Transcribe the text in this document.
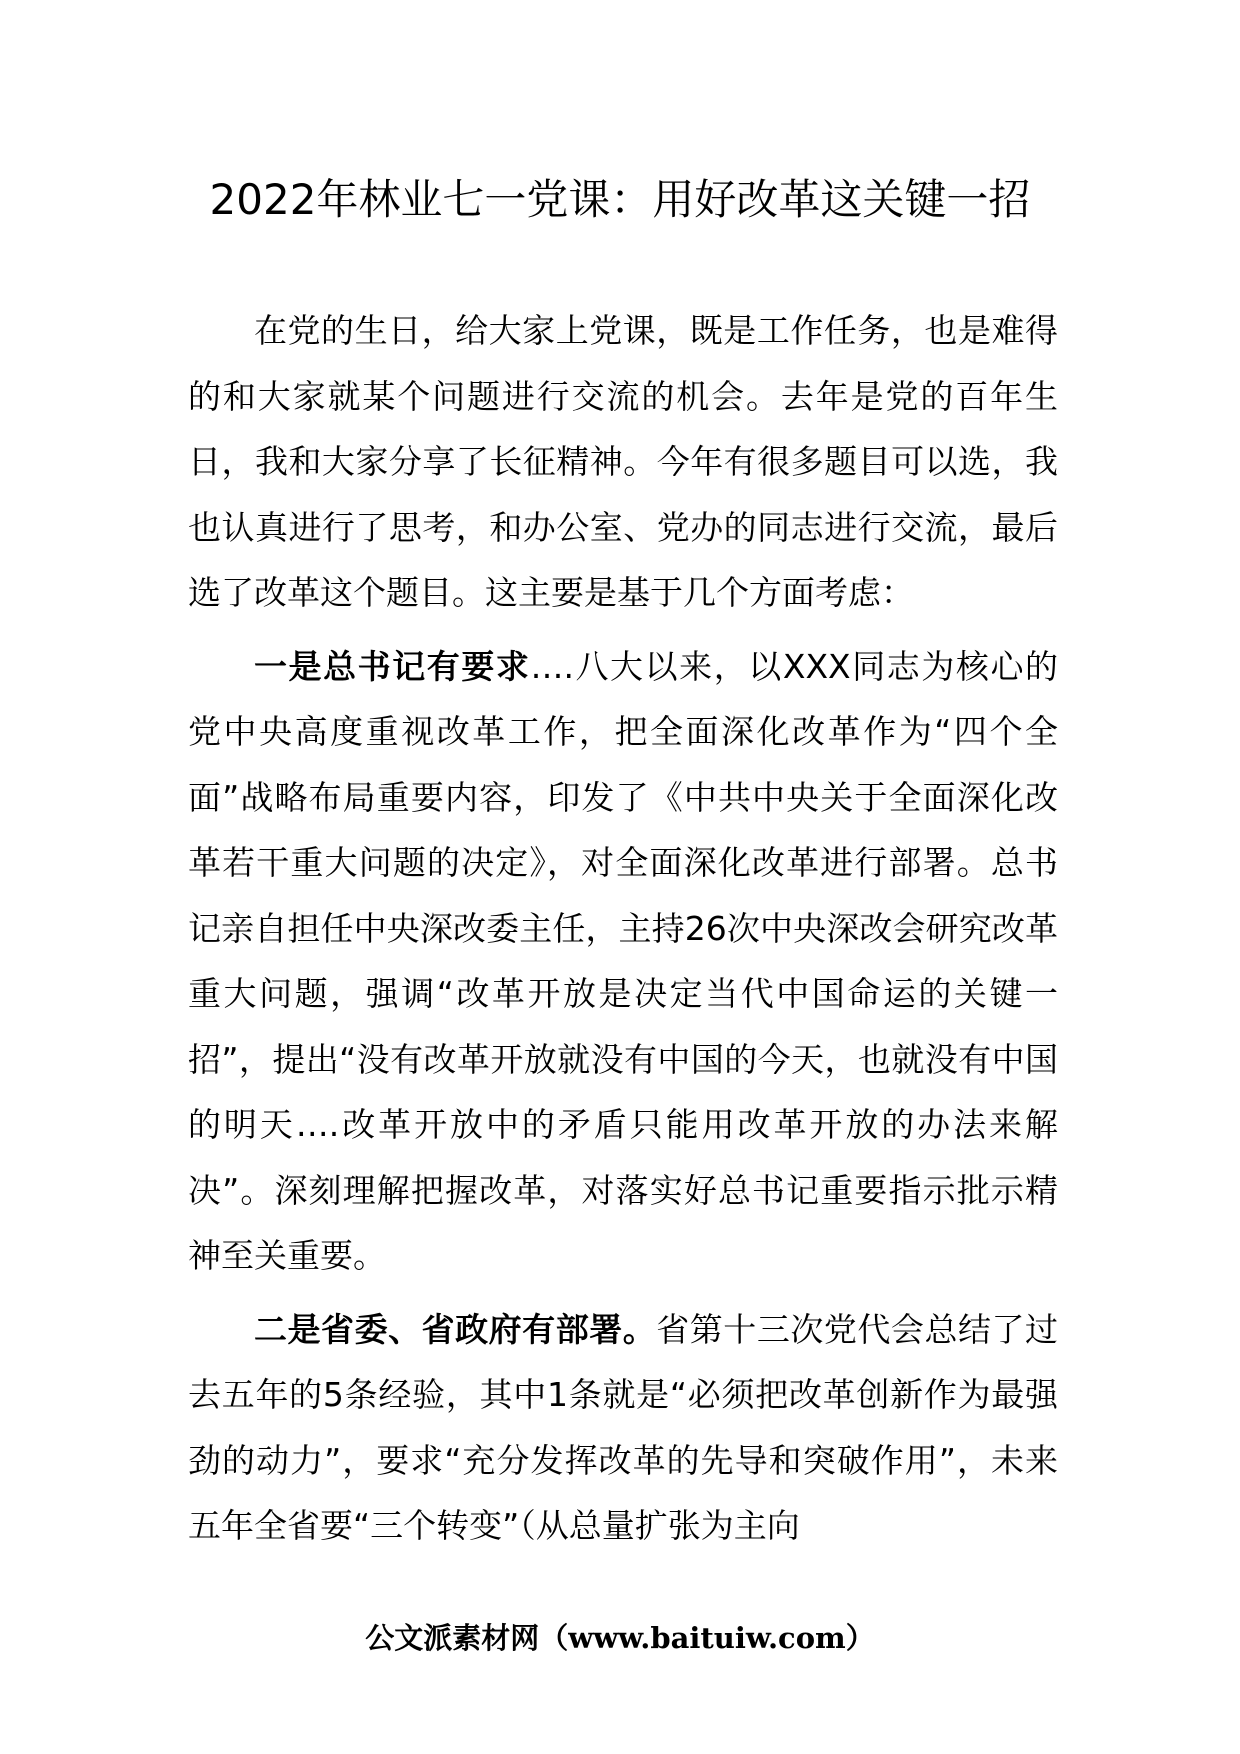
2022年林业七一党课：用好改革这关键一招

在党的生日，给大家上党课，既是工作任务，也是难得的和大家就某个问题进行交流的机会。去年是党的百年生日，我和大家分享了长征精神。今年有很多题目可以选，我也认真进行了思考，和办公室、党办的同志进行交流，最后选了改革这个题目。这主要是基于几个方面考虑：

一是总书记有要求….八大以来，以XXX同志为核心的党中央高度重视改革工作，把全面深化改革作为“四个全面”战略布局重要内容，印发了《中共中央关于全面深化改革若干重大问题的决定》，对全面深化改革进行部署。总书记亲自担任中央深改委主任，主持26次中央深改会研究改革重大问题，强调“改革开放是决定当代中国命运的关键一招”，提出“没有改革开放就没有中国的今天，也就没有中国的明天….改革开放中的矛盾只能用改革开放的办法来解决”。深刻理解把握改革，对落实好总书记重要指示批示精神至关重要。

二是省委、省政府有部署。省第十三次党代会总结了过去五年的5条经验，其中1条就是“必须把改革创新作为最强劲的动力”，要求“充分发挥改革的先导和突破作用”，未来五年全省要“三个转变”（从总量扩张为主向

公文派素材网（www.baituiw.com）
